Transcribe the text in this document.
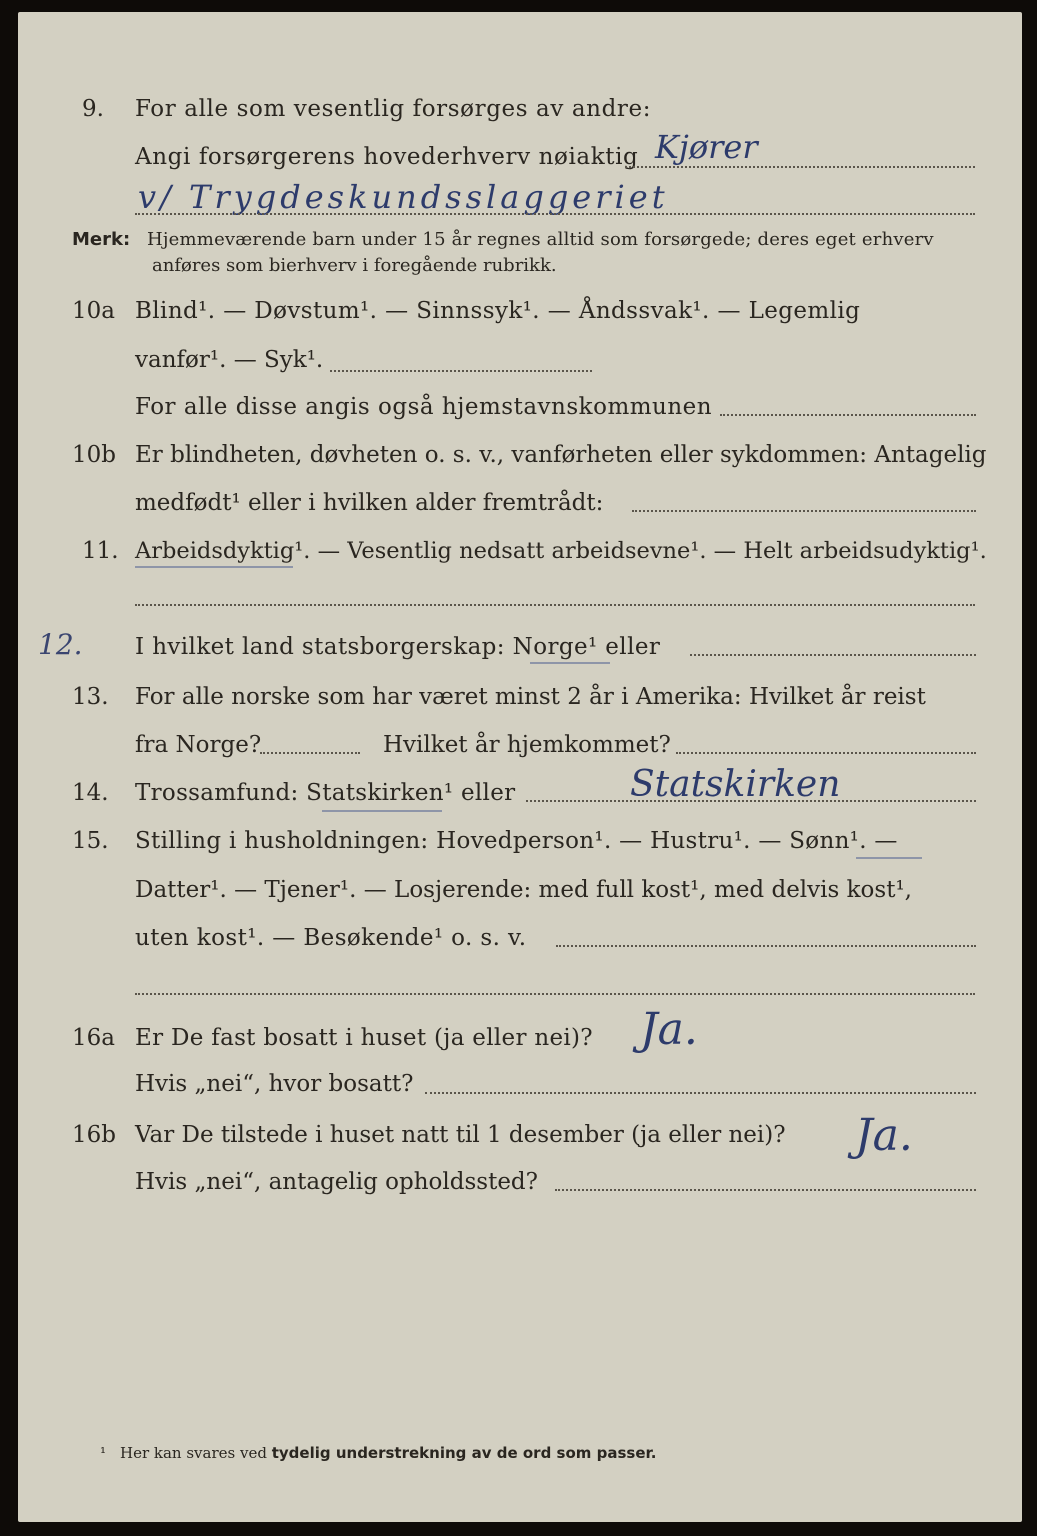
9. For alle som vesentlig forsørges av andre:
Angi forsørgerens hovederhverv nøiaktig Kjører
v/ Trygdeskundsslaggeriet
Merk: Hjemmeværende barn under 15 år regnes alltid som forsørgede; deres eget erhverv
anføres som bierhverv i foregående rubrikk.
10a Blind¹. — Døvstum¹. — Sinnssyk¹. — Åndssvak¹. — Legemlig
vanfør¹. — Syk¹.
For alle disse angis også hjemstavnskommunen
10b Er blindheten, døvheten o. s. v., vanførheten eller sykdommen: Antagelig
medfødt¹ eller i hvilken alder fremtrådt:
11. Arbeidsdyktig¹. — Vesentlig nedsatt arbeidsevne¹. — Helt arbeidsudyktig¹.
12. I hvilket land statsborgerskap: Norge¹ eller
13. For alle norske som har været minst 2 år i Amerika: Hvilket år reist
fra Norge?	Hvilket år hjemkommet?
14. Trossamfund: Statskirken¹ eller	Statskirken
15. Stilling i husholdningen: Hovedperson¹. — Hustru¹. — Sønn¹. —
Datter¹. — Tjener¹. — Losjerende: med full kost¹, med delvis kost¹,
uten kost¹. — Besøkende¹ o. s. v.
16a Er De fast bosatt i huset (ja eller nei)? Ja.
Hvis „nei“, hvor bosatt?
16b Var De tilstede i huset natt til 1 desember (ja eller nei)? Ja.
Hvis „nei“, antagelig opholdssted?
¹ Her kan svares ved tydelig understrekning av de ord som passer.
